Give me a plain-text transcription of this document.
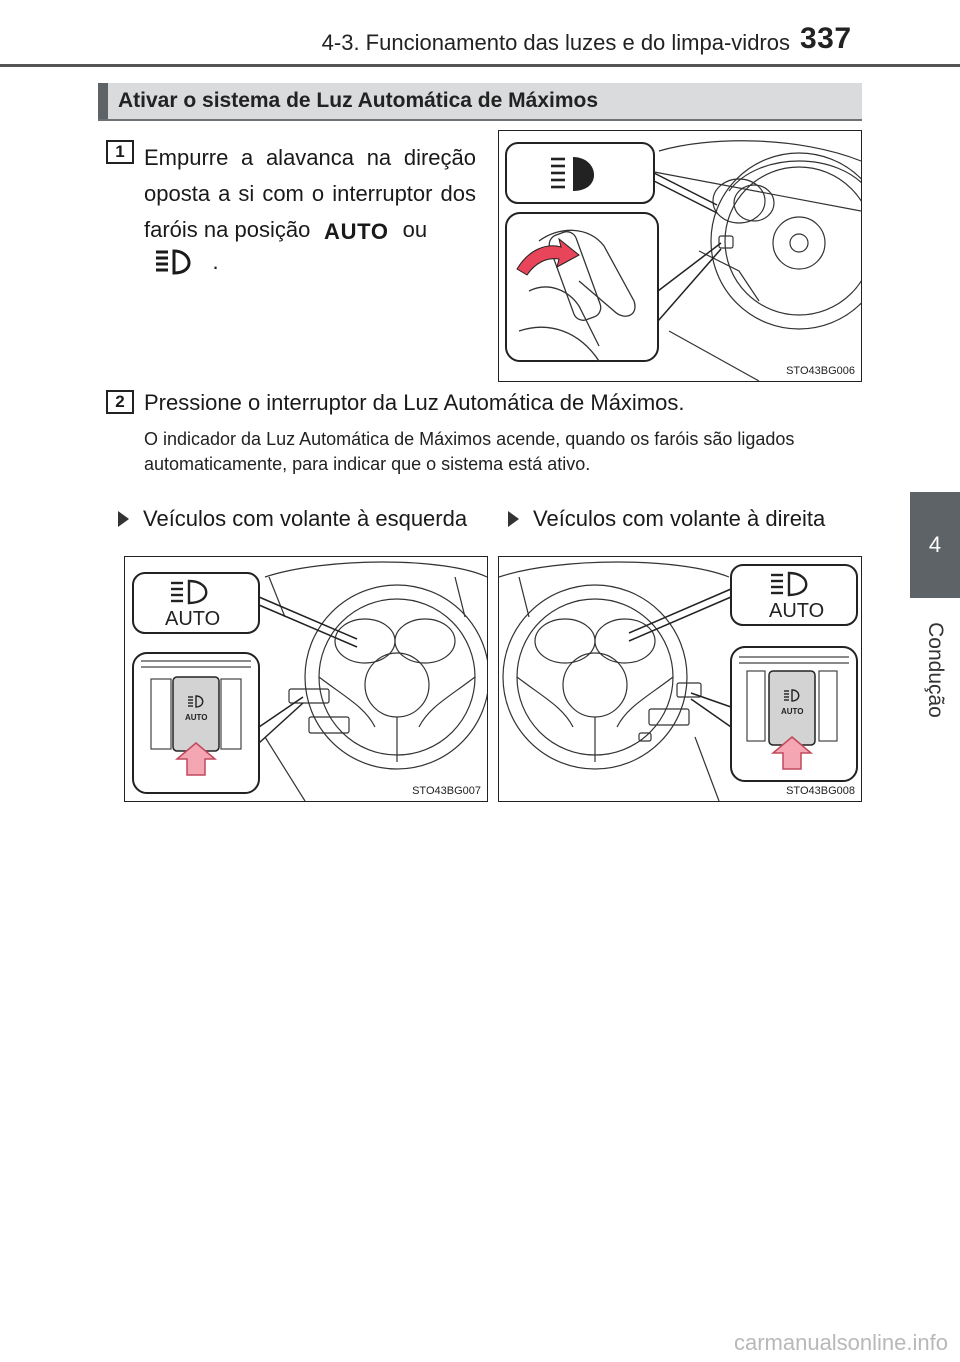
4-3. Funcionamento das luzes e do limpa-vidros 337
4
Condução
Ativar o sistema de Luz Automática de Máximos
1 Empurre a alavanca na direção oposta a si com o interruptor dos faróis na posição AUTO ou
.
STO43BG006
2 Pressione o interruptor da Luz Automática de Máximos.
O indicador da Luz Automática de Máximos acende, quando os faróis são ligados automaticamente, para indicar que o sistema está ativo.
Veículos com volante à esquerda	Veículos com volante à direita
AUTO
AUTO
STO43BG007
AUTO
AUTO
STO43BG008
carmanualsonline.info
